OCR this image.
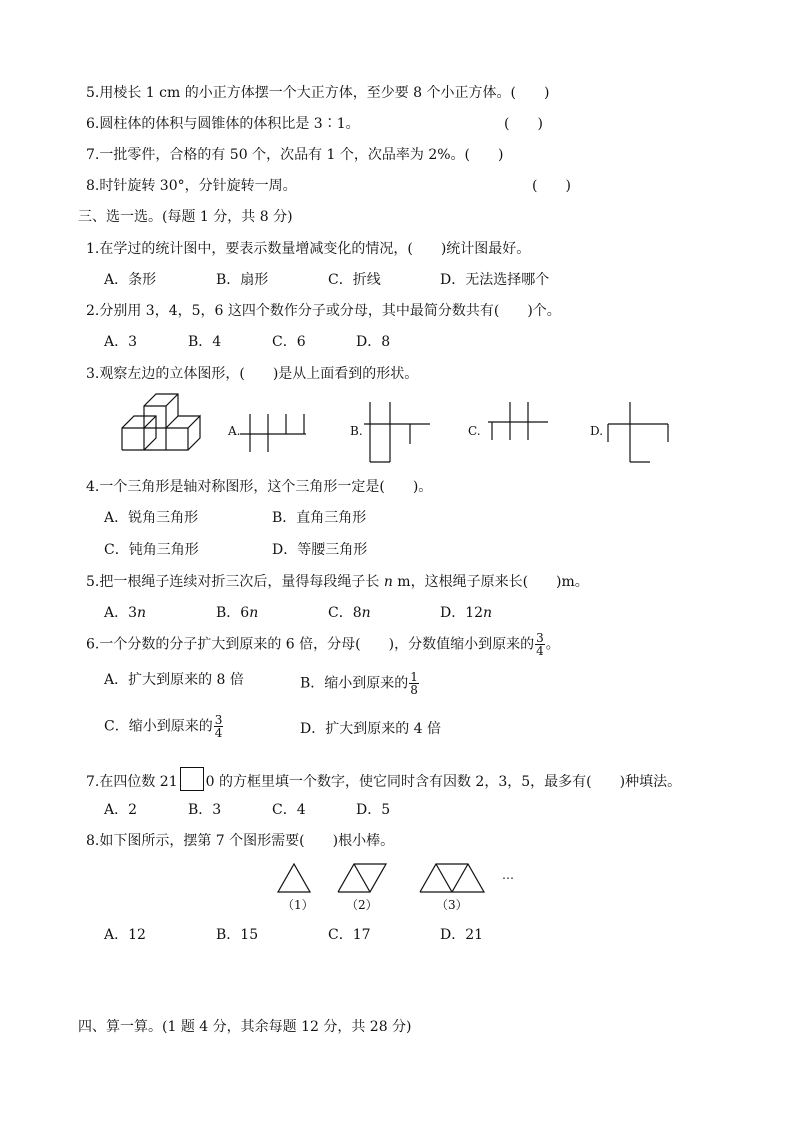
5.用棱长 1 cm 的小正方体摆一个大正方体，至少要 8 个小正方体。(　　)
6.圆柱体的体积与圆锥体的体积比是 3∶1。	(　　)
7.一批零件，合格的有 50 个，次品有 1 个，次品率为 2%。(　　)
8.时针旋转 30°，分针旋转一周。	(　　)
三、选一选。(每题 1 分，共 8 分)
1.在学过的统计图中，要表示数量增减变化的情况，(　　)统计图最好。
A．条形	B．扇形	C．折线	D．无法选择哪个
2.分别用 3，4，5，6 这四个数作分子或分母，其中最简分数共有(　　)个。
A．3	B．4	C．6	D．8
3.观察左边的立体图形，(　　)是从上面看到的形状。
A.	B.	C.	D.
4.一个三角形是轴对称图形，这个三角形一定是(　　)。
A．锐角三角形	B．直角三角形
C．钝角三角形	D．等腰三角形
5.把一根绳子连续对折三次后，量得每段绳子长 n m，这根绳子原来长(　　)m。
A．3n	B．6n	C．8n	D．12n
6.一个分数的分子扩大到原来的 6 倍，分母(　　)，分数值缩小到原来的 $\frac{3}{4}$ 。
A．扩大到原来的 8 倍	B．缩小到原来的 $\frac{1}{8}$
C．缩小到原来的 $\frac{3}{4}$	D．扩大到原来的 4 倍
7.在四位数 21 0 的方框里填一个数字，使它同时含有因数 2，3，5，最多有(　　)种填法。
A．2	B．3	C．4	D．5
8.如下图所示，摆第 7 个图形需要(　　)根小棒。
（1）	（2）	（3）
…
A．12	B．15	C．17	D．21
四、算一算。(1 题 4 分，其余每题 12 分，共 28 分)
